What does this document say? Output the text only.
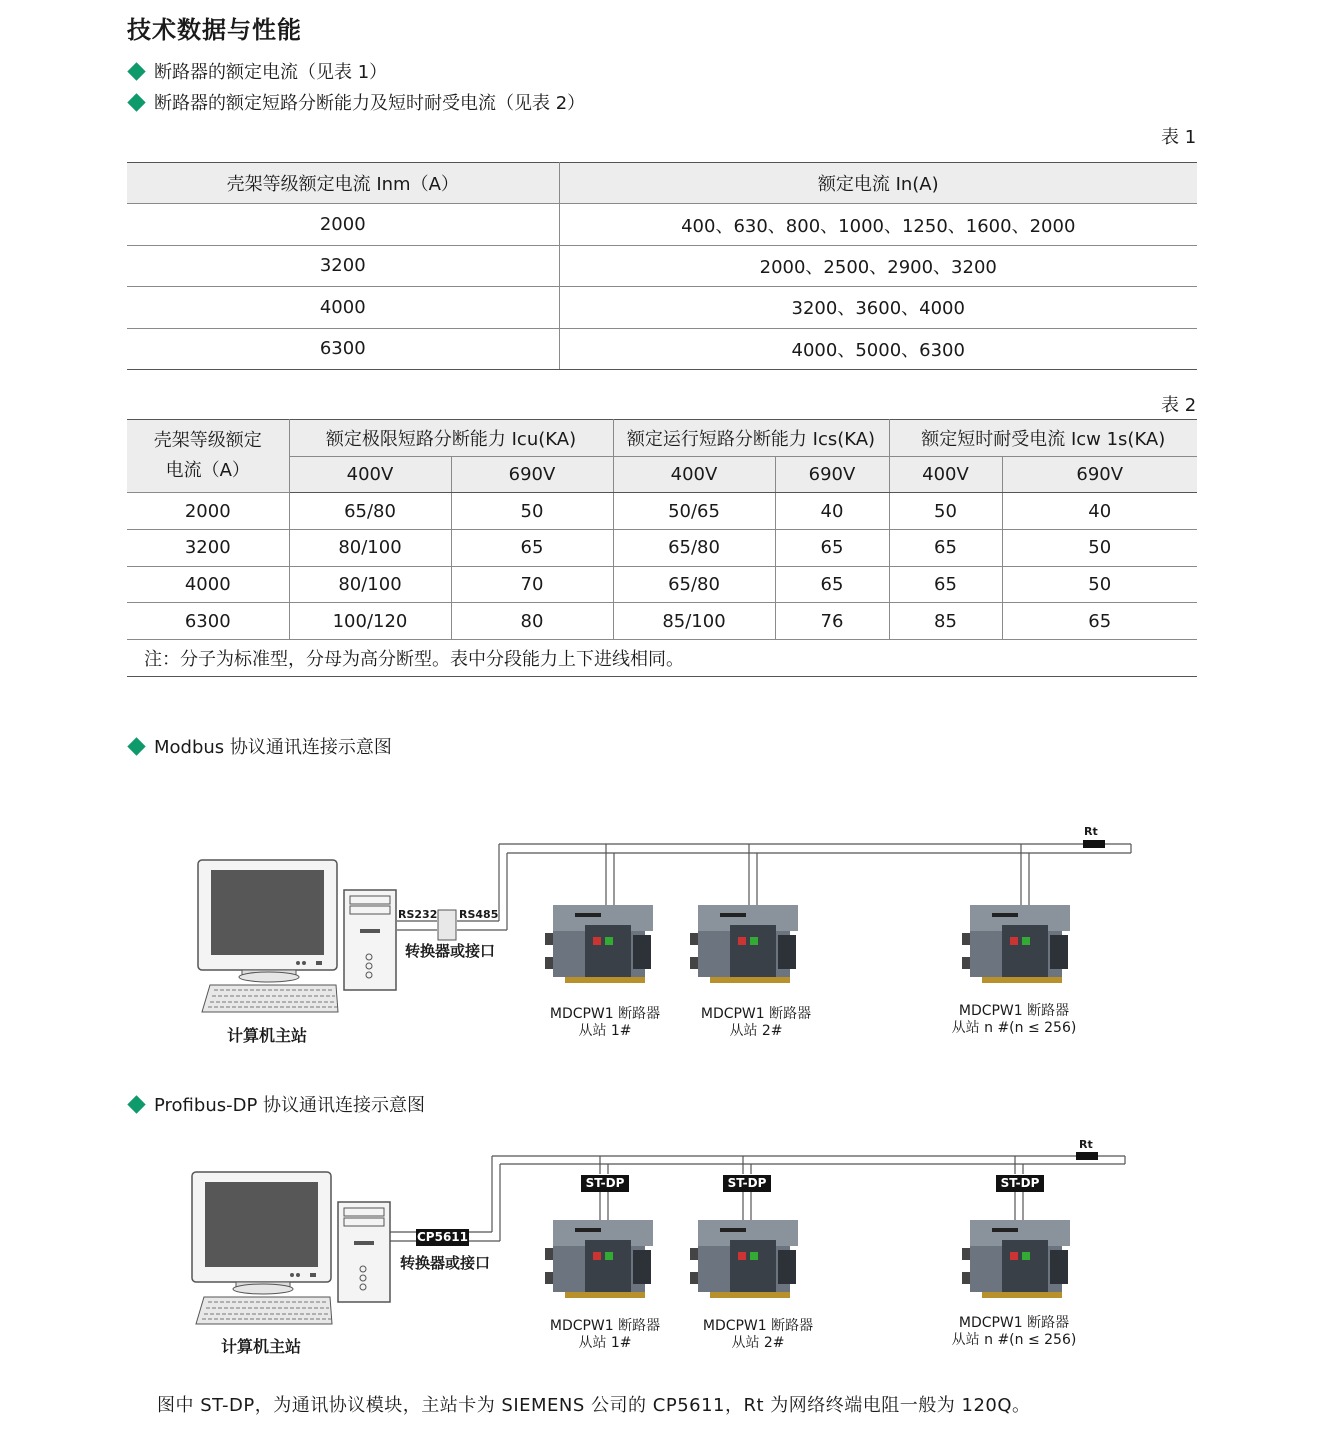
技术数据与性能
断路器的额定电流（见表 1）
断路器的额定短路分断能力及短时耐受电流（见表 2）
表 1
壳架等级额定电流 Inm（A）	额定电流 In(A)
2000	400、630、800、1000、1250、1600、2000
3200	2000、2500、2900、3200
4000	3200、3600、4000
6300	4000、5000、6300
表 2
壳架等级额定
电流（A）	额定极限短路分断能力 Icu(KA)		额定运行短路分断能力 Ics(KA)		额定短时耐受电流 Icw 1s(KA)	
	400V	690V	400V	690V	400V	690V
2000	65/80	50	50/65	40	50	40
3200	80/100	65	65/80	65	65	50
4000	80/100	70	65/80	65	65	50
6300	100/120	80	85/100	76	85	65
注：分子为标准型，分母为高分断型。表中分段能力上下进线相同。						
Modbus 协议通讯连接示意图
Rt
RS232 RS485
转换器或接口
计算机主站
MDCPW1 断路器
从站 1#
MDCPW1 断路器
从站 2#
MDCPW1 断路器
从站 n #(n ≤ 256)
Profibus-DP 协议通讯连接示意图
Rt
CP5611
转换器或接口
计算机主站
ST-DP	ST-DP	ST-DP
MDCPW1 断路器
从站 1#
MDCPW1 断路器
从站 2#
MDCPW1 断路器
从站 n #(n ≤ 256)
图中 ST-DP，为通讯协议模块，主站卡为 SIEMENS 公司的 CP5611，Rt 为网络终端电阻一般为 120Q。
